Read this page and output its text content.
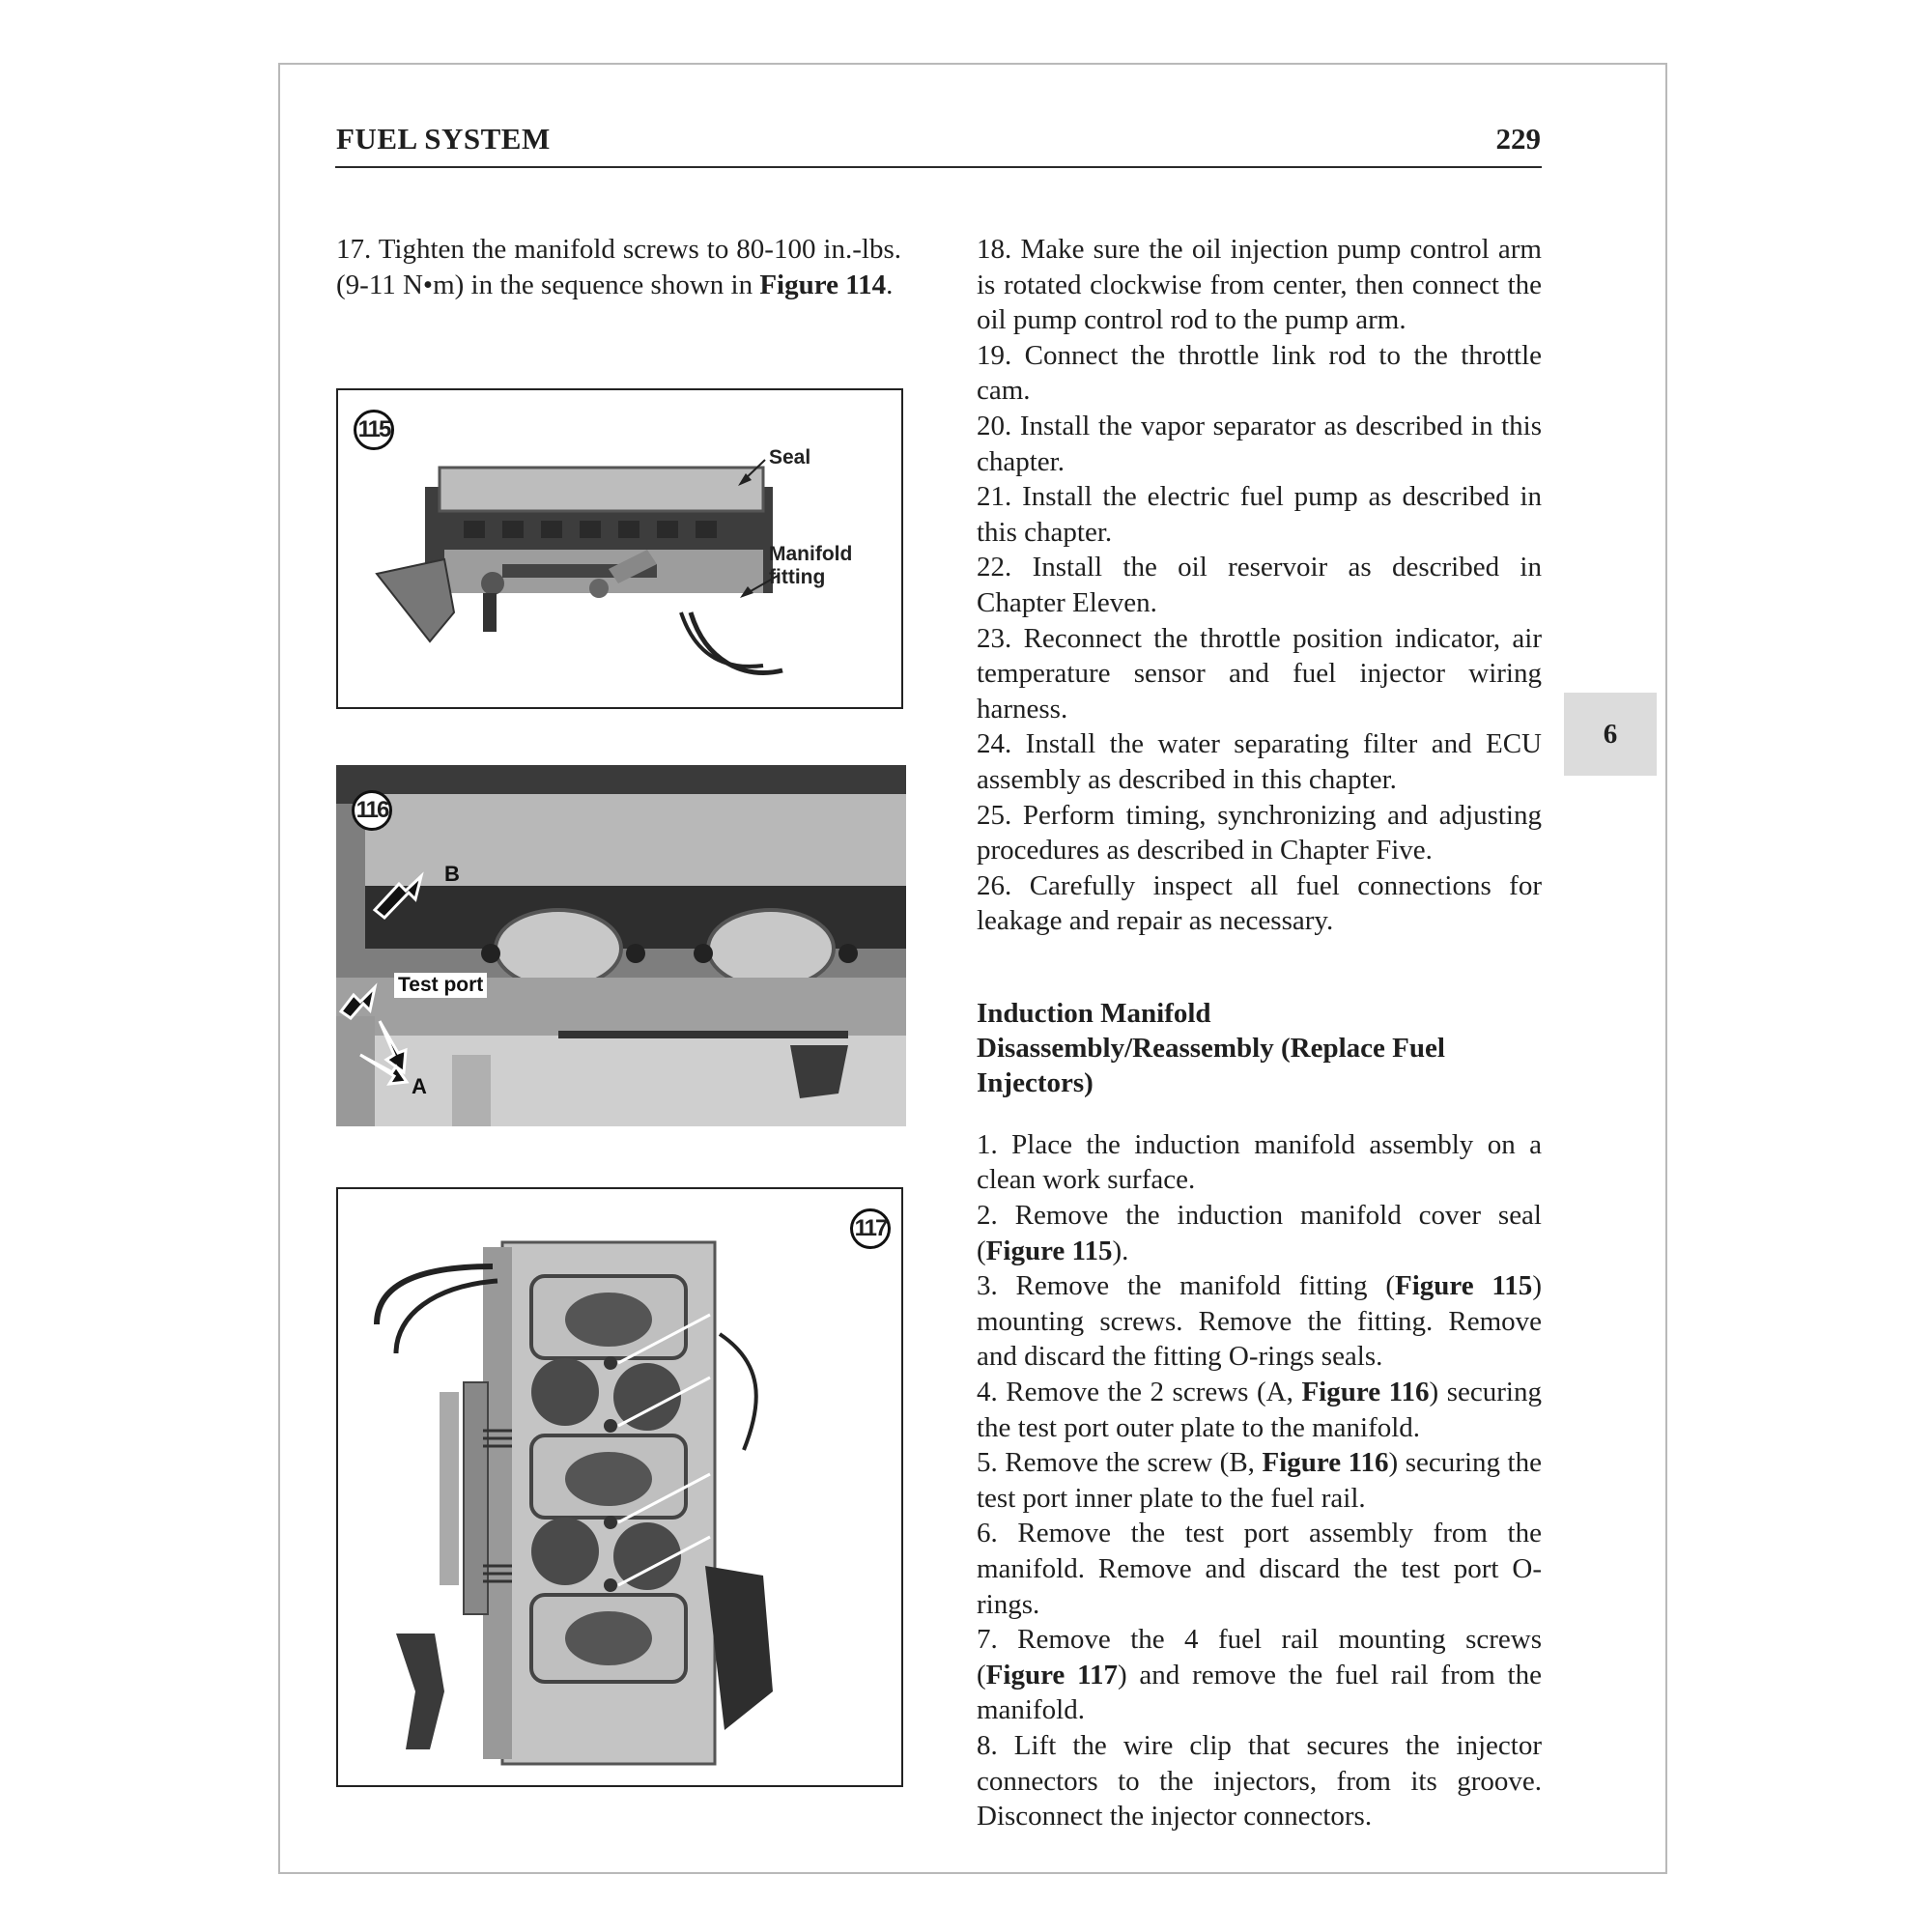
FUEL SYSTEM	229
6

17. Tighten the manifold screws to 80-100 in.-lbs. (9-11 N•m) in the sequence shown in Figure 114.

115
Seal
Manifold
fitting
116
Test port
B
A
117

18. Make sure the oil injection pump control arm is rotated clockwise from center, then connect the oil pump control rod to the pump arm.

19. Connect the throttle link rod to the throttle cam.

20. Install the vapor separator as described in this chapter.

21. Install the electric fuel pump as described in this chapter.

22. Install the oil reservoir as described in Chapter Eleven.

23. Reconnect the throttle position indicator, air temperature sensor and fuel injector wiring harness.

24. Install the water separating filter and ECU assembly as described in this chapter.

25. Perform timing, synchronizing and adjusting procedures as described in Chapter Five.

26. Carefully inspect all fuel connections for leakage and repair as necessary.

Induction Manifold
Disassembly/Reassembly (Replace Fuel
Injectors)

1. Place the induction manifold assembly on a clean work surface.

2. Remove the induction manifold cover seal (Figure 115).

3. Remove the manifold fitting (Figure 115) mounting screws. Remove the fitting. Remove and discard the fitting O-rings seals.

4. Remove the 2 screws (A, Figure 116) securing the test port outer plate to the manifold.

5. Remove the screw (B, Figure 116) securing the test port inner plate to the fuel rail.

6. Remove the test port assembly from the manifold. Remove and discard the test port O-rings.

7. Remove the 4 fuel rail mounting screws (Figure 117) and remove the fuel rail from the manifold.

8. Lift the wire clip that secures the injector connectors to the injectors, from its groove. Disconnect the injector connectors.
